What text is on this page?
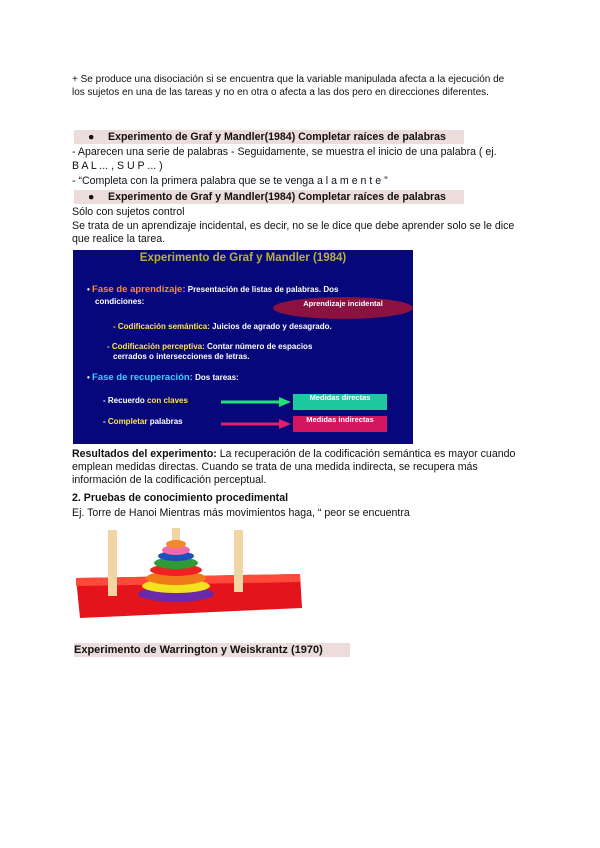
+ Se produce una disociación si se encuentra que la variable manipulada afecta a la ejecución de los sujetos en una de las tareas y no en otra o afecta a las dos pero en direcciones diferentes.

● Experimento de Graf y Mandler(1984) Completar raíces de palabras

- Aparecen una serie de palabras - Seguidamente, se muestra el inicio de una palabra ( ej.

B A L ... , S U P ... )

- “Completa con la primera palabra que se te venga a l a m e n t e ”

● Experimento de Graf y Mandler(1984) Completar raíces de palabras

Sólo con sujetos control

Se trata de un aprendizaje incidental, es decir, no se le dice que debe aprender solo se le dice que realice la tarea.

Experimento de Graf y Mandler (1984)
• Fase de aprendizaje: Presentación de listas de palabras. Dos
condiciones:	Aprendizaje incidental
- Codificación semántica: Juicios de agrado y desagrado.
- Codificación perceptiva: Contar número de espacios
cerrados o intersecciones de letras.
• Fase de recuperación: Dos tareas:
- Recuerdo con claves	Medidas directas
- Completar palabras	Medidas indirectas

Resultados del experimento: La recuperación de la codificación semántica es mayor cuando emplean medidas directas. Cuando se trata de una medida indirecta, se recupera más información de la codificación perceptual.

2. Pruebas de conocimiento procedimental
Ej. Torre de Hanoi Mientras más movimientos haga, “ peor se encuentra
Experimento de Warrington y Weiskrantz (1970)
